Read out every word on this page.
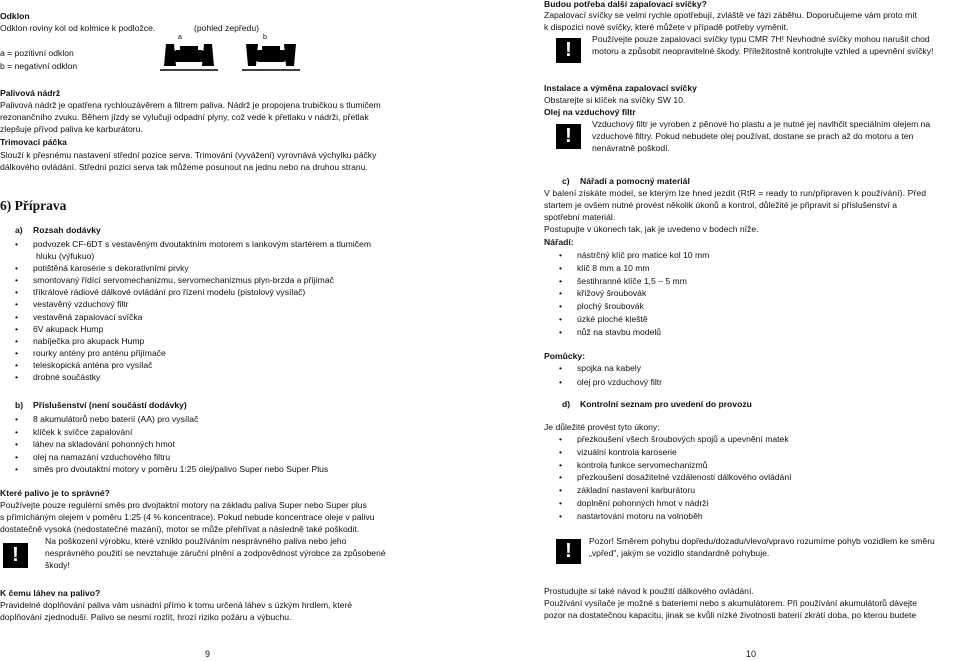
Odklon
Odklon roviny kol od kolmice k podložce.	(pohled zepředu)
a	b
a = pozitivní odklon
b = negativní odklon
Palivová nádrž

Palivová nádrž je opatřena rychlouzávěrem a filtrem paliva. Nádrž je propojena trubičkou s tlumičem

rezonančního zvuku. Během jízdy se vylučují odpadní plyny, což vede k přetlaku v nádrži, přetlak

zlepšuje přívod paliva ke karburátoru.

Trimovací páčka

Slouží k přesnému nastavení střední pozice serva. Trimování (vyvážení) vyrovnává výchylku páčky

dálkového ovládání. Střední pozici serva tak můžeme posunout na jednu nebo na druhou stranu.

6) Příprava
a) Rozsah dodávky
• podvozek CF-6DT s vestavěným dvoutaktním motorem s lankovým startérem a tlumičem
hluku (výfukuo)
• potištěná karosérie s dekorativními prvky
• smontovaný řídící servomechanizmu, servomechanizmus plyn-brzda a přijímač
• tříkrálové rádiové dálkové ovládání pro řízení modelu (pistolový vysílač)
• vestavěný vzduchový filtr
• vestavěná zapalovací svíčka
• 6V akupack Hump
• nabíječka pro akupack Hump
• rourky antény pro anténu přijímače
• teleskopická anténa pro vysílač
• drobné součástky
b) Příslušenství (není součástí dodávky)
• 8 akumulátorů nebo baterií (AA) pro vysílač
• klíček k svíčce zapalování
• láhev na skladování pohonných hmot
• olej na namazání vzduchového filtru
• směs pro dvoutaktní motory v poměru 1:25 olej/palivo Super nebo Super Plus
Které palivo je to správné?

Používejte pouze regulérní směs pro dvojtaktní motory na základu paliva Super nebo Super plus

s přimícháným olejem v poměru 1:25 (4 % koncentrace). Pokud nebude koncentrace oleje v palivu

dostatečně vysoká (nedostatečné mazání), motor se může přehřívat a následně také poškodit.

!

Na poškození výrobku, které vzniklo používáním nesprávného paliva nebo jeho

nesprávného použití se nevztahuje záruční plnění a zodpovědnost výrobce za způsobené

škody!

K čemu láhev na palivo?

Pravidelné doplňování paliva vám usnadní přímo k tomu určená láhev s úzkým hrdlem, které

doplňování zjednoduší. Palivo se nesmí rozlít, hrozí riziko požáru a výbuchu.

9
Budou potřeba další zapalovací svíčky?

Zapalovací svíčky se velmi rychle opotřebují, zvláště ve fázi záběhu. Doporučujeme vám proto mít

k dispozici nové svíčky, které můžete v případě potřeby vyměnit.

!	Používejte pouze zapalovací svíčky typu CMR 7H! Nevhodné svíčky mohou narušit chod

motoru a způsobit neopravitelné škody. Příležitostně kontrolujte vzhled a upevnění svíčky!

Instalace a výměna zapalovací svíčky
Obstarejte si klíček na svíčky SW 10.
Olej na vzduchový filtr
!

Vzduchový filtr je vyroben z pěnové ho plastu a je nutné jej navlhčit speciálním olejem na

vzduchové filtry. Pokud nebudete olej používat, dostane se prach až do motoru a ten

nenávratně poškodí.

c) Nářadí a pomocný materiál

V balení získáte model, se kterým lze hned jezdit (RtR = ready to run/připraven k používání). Před

startem je ovšem nutné provést několik úkonů a kontrol, důležité je připravit si příslušenství a

spotřební materiál.

Postupujte v úkonech tak, jak je uvedeno v bodech níže.

Nářadí:
• nástrčný klíč pro matice kol 10 mm
• klíč 8 mm a 10 mm
• šestihranné klíče 1,5 – 5 mm
• křížový šroubovák
• plochý šroubovák
• úzké ploché kleště
• nůž na stavbu modelů
Pomůcky:
• spojka na kabely
• olej pro vzduchový filtr
d) Kontrolní seznam pro uvedení do provozu
Je důležité provést tyto úkony:
• přezkoušení všech šroubových spojů a upevnění matek
• vizuální kontrola karoserie
• kontrola funkce servomechanizmů
• přezkoušení dosažitelné vzdálenosti dálkového ovládání
• základní nastavení karburátoru
• doplnění pohonných hmot v nádrži
• nastartování motoru na volnoběh
!	Pozor! Směrem pohybu dopředu/dozadu/vlevo/vpravo rozumíme pohyb vozidlem ke směru

„vpřed", jakým se vozidlo standardně pohybuje.

Prostudujte si také návod k použití dálkového ovládání.

Používání vysílače je možné s bateriemi nebo s akumulátorem. Při používání akumulátorů dávejte

pozor na dostatečnou kapacitu, jinak se kvůli nízké životnosti baterií zkrátí doba, po kterou budete

10
